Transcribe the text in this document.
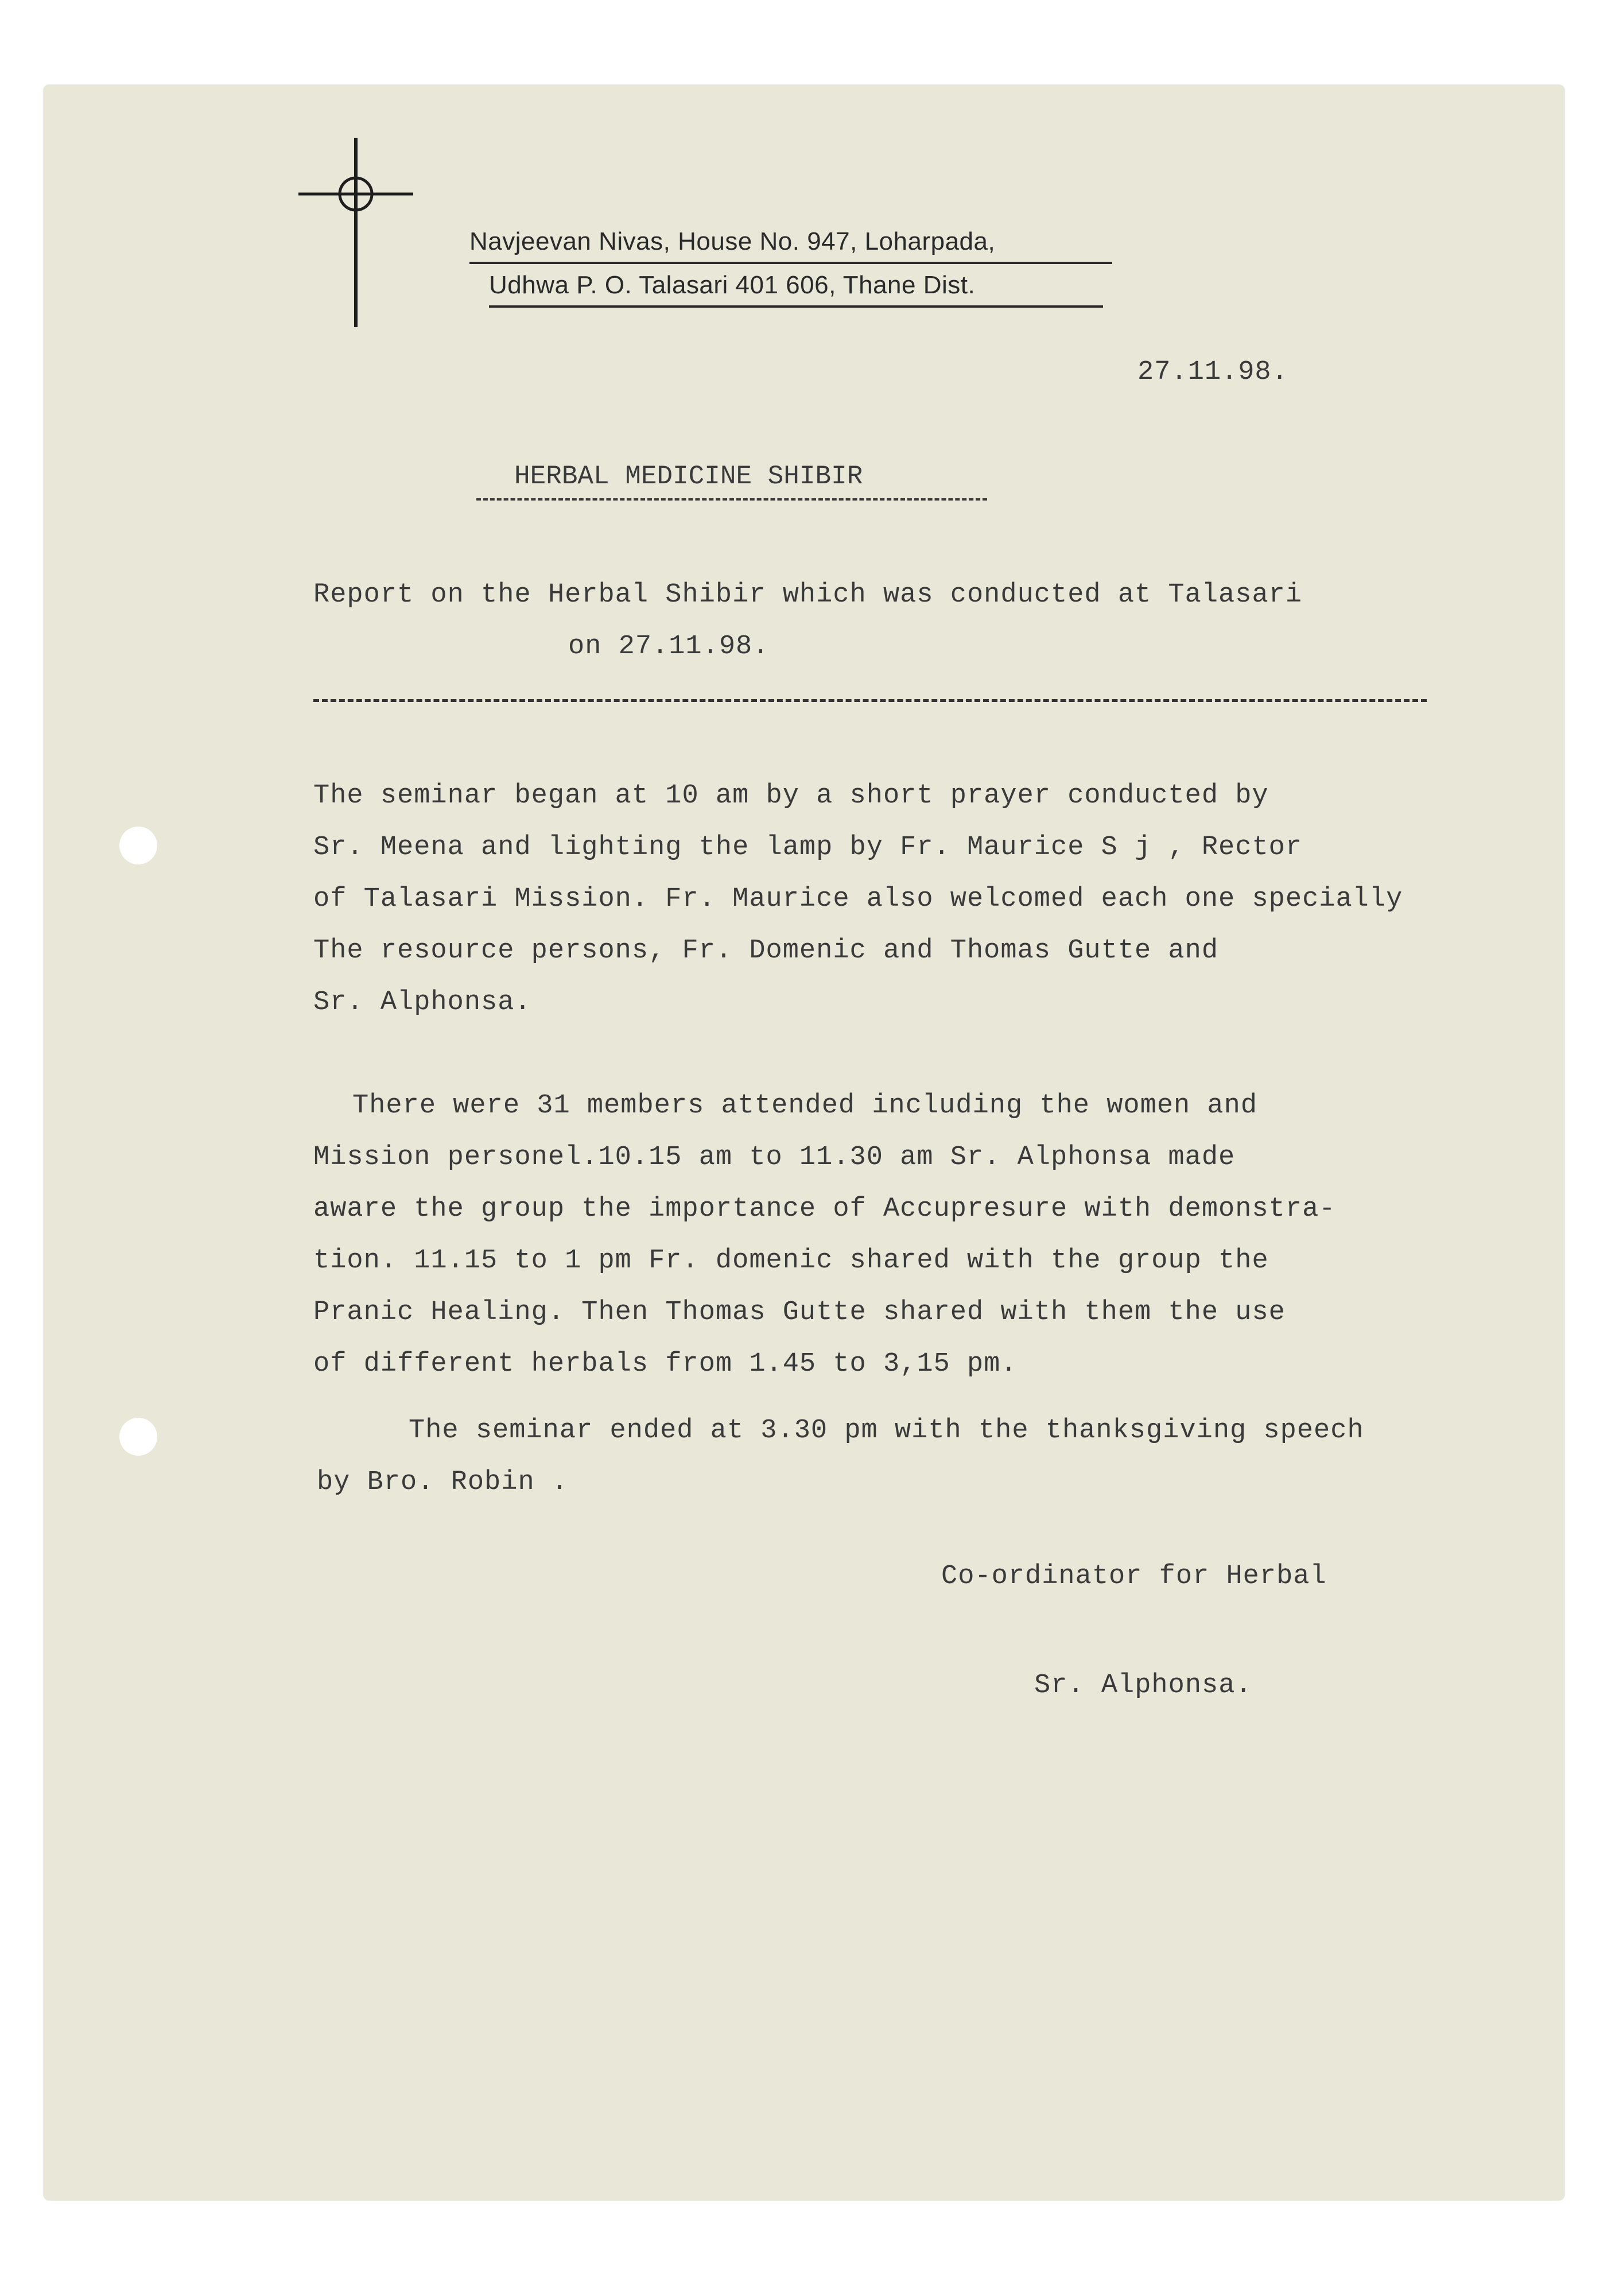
Navjeevan Nivas, House No. 947, Loharpada,
Udhwa P. O. Talasari 401 606, Thane Dist.
27.11.98.
HERBAL MEDICINE SHIBIR
Report on the Herbal Shibir which was conducted at Talasari
on 27.11.98.
The seminar began at 10 am by a short prayer conducted by
Sr. Meena and lighting the lamp by Fr. Maurice S j , Rector
of Talasari Mission. Fr. Maurice also welcomed each one specially
The resource persons, Fr. Domenic and Thomas Gutte and
Sr. Alphonsa.
There were 31 members attended including the women and
Mission personel.10.15 am to 11.30 am Sr. Alphonsa made
aware the group the importance of Accupresure with demonstra-
tion. 11.15 to 1 pm Fr. domenic shared with the group the
Pranic Healing. Then Thomas Gutte shared with them the use
of different herbals from 1.45 to 3,15 pm.
The seminar ended at 3.30 pm with the thanksgiving speech
by Bro. Robin .
Co-ordinator for Herbal
Sr. Alphonsa.
